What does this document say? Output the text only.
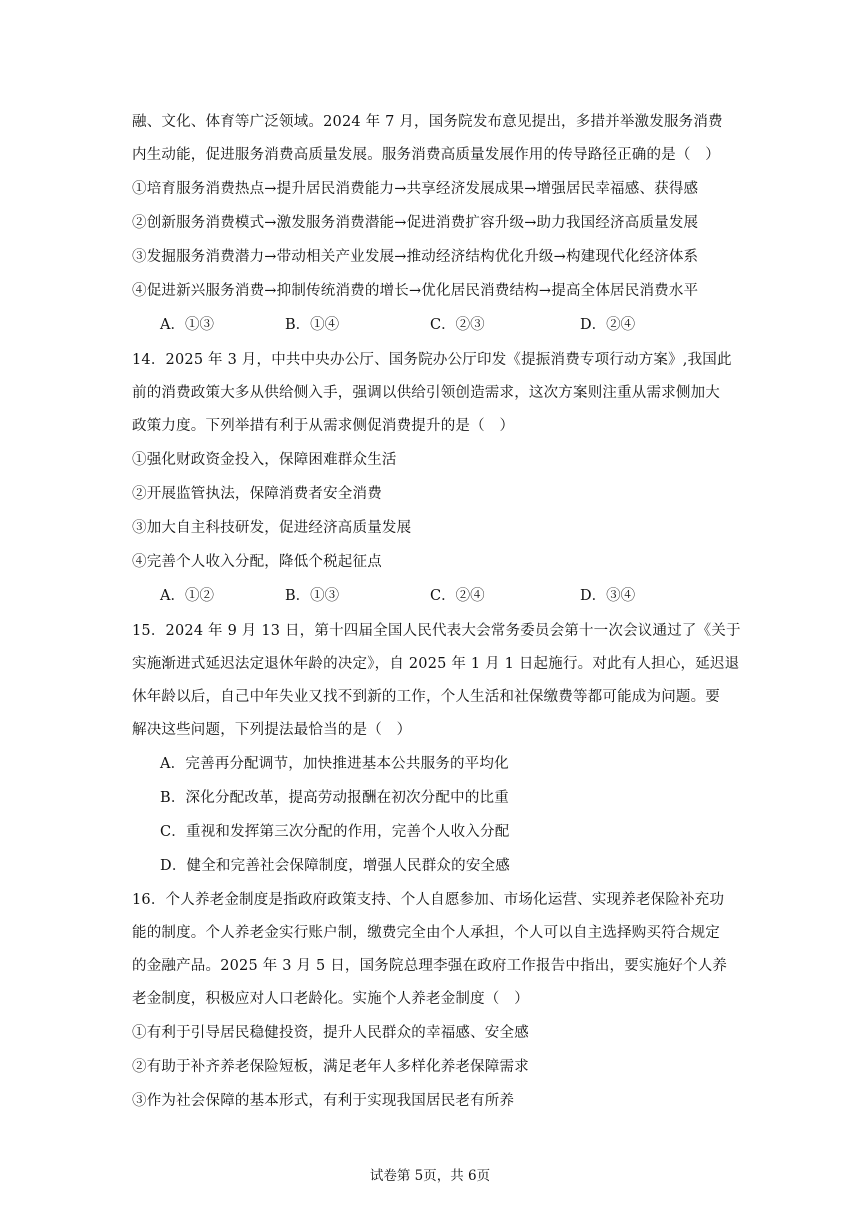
融、文化、体育等广泛领域。2024 年 7 月，国务院发布意见提出，多措并举激发服务消费
内生动能，促进服务消费高质量发展。服务消费高质量发展作用的传导路径正确的是（　）
①培育服务消费热点→提升居民消费能力→共享经济发展成果→增强居民幸福感、获得感
②创新服务消费模式→激发服务消费潜能→促进消费扩容升级→助力我国经济高质量发展
③发掘服务消费潜力→带动相关产业发展→推动经济结构优化升级→构建现代化经济体系
④促进新兴服务消费→抑制传统消费的增长→优化居民消费结构→提高全体居民消费水平
A．①③	B．①④	C．②③	D．②④
14．2025 年 3 月，中共中央办公厅、国务院办公厅印发《提振消费专项行动方案》,我国此
前的消费政策大多从供给侧入手，强调以供给引领创造需求，这次方案则注重从需求侧加大
政策力度。下列举措有利于从需求侧促消费提升的是（　）
①强化财政资金投入，保障困难群众生活
②开展监管执法，保障消费者安全消费
③加大自主科技研发，促进经济高质量发展
④完善个人收入分配，降低个税起征点
A．①②	B．①③	C．②④	D．③④
15．2024 年 9 月 13 日，第十四届全国人民代表大会常务委员会第十一次会议通过了《关于
实施渐进式延迟法定退休年龄的决定》，自 2025 年 1 月 1 日起施行。对此有人担心，延迟退
休年龄以后，自己中年失业又找不到新的工作，个人生活和社保缴费等都可能成为问题。要
解决这些问题，下列提法最恰当的是（　）
A．完善再分配调节，加快推进基本公共服务的平均化
B．深化分配改革，提高劳动报酬在初次分配中的比重
C．重视和发挥第三次分配的作用，完善个人收入分配
D．健全和完善社会保障制度，增强人民群众的安全感
16．个人养老金制度是指政府政策支持、个人自愿参加、市场化运营、实现养老保险补充功
能的制度。个人养老金实行账户制，缴费完全由个人承担，个人可以自主选择购买符合规定
的金融产品。2025 年 3 月 5 日，国务院总理李强在政府工作报告中指出，要实施好个人养
老金制度，积极应对人口老龄化。实施个人养老金制度（　）
①有利于引导居民稳健投资，提升人民群众的幸福感、安全感
②有助于补齐养老保险短板，满足老年人多样化养老保障需求
③作为社会保障的基本形式，有利于实现我国居民老有所养
试卷第 5页，共 6页
